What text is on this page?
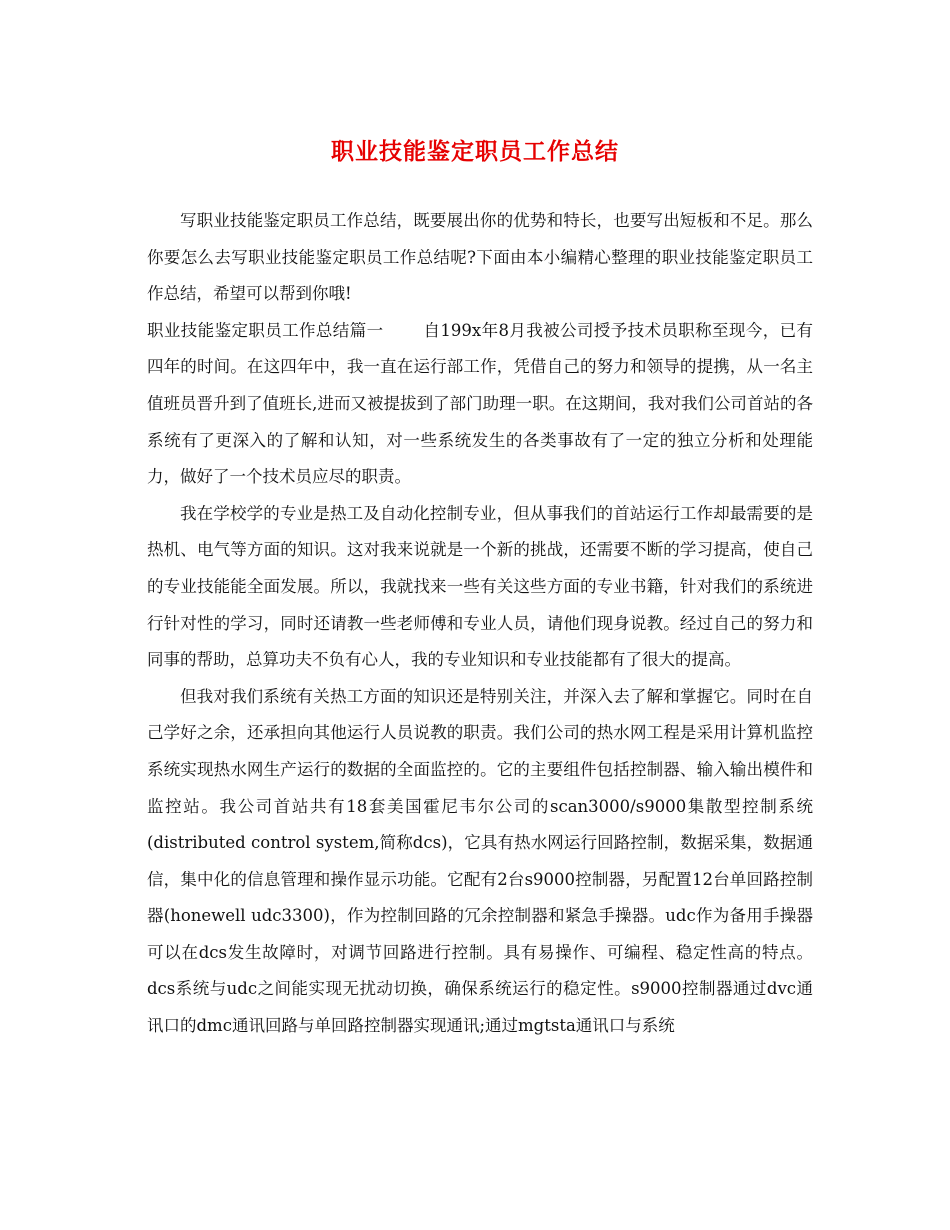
职业技能鉴定职员工作总结

写职业技能鉴定职员工作总结，既要展出你的优势和特长，也要写出短板和不足。那么你要怎么去写职业技能鉴定职员工作总结呢?下面由本小编精心整理的职业技能鉴定职员工作总结，希望可以帮到你哦!

职业技能鉴定职员工作总结篇一 自199x年8月我被公司授予技术员职称至现今，已有四年的时间。在这四年中，我一直在运行部工作，凭借自己的努力和领导的提携，从一名主值班员晋升到了值班长,进而又被提拔到了部门助理一职。在这期间，我对我们公司首站的各系统有了更深入的了解和认知，对一些系统发生的各类事故有了一定的独立分析和处理能力，做好了一个技术员应尽的职责。

我在学校学的专业是热工及自动化控制专业，但从事我们的首站运行工作却最需要的是热机、电气等方面的知识。这对我来说就是一个新的挑战，还需要不断的学习提高，使自己的专业技能能全面发展。所以，我就找来一些有关这些方面的专业书籍，针对我们的系统进行针对性的学习，同时还请教一些老师傅和专业人员，请他们现身说教。经过自己的努力和同事的帮助，总算功夫不负有心人，我的专业知识和专业技能都有了很大的提高。

但我对我们系统有关热工方面的知识还是特别关注，并深入去了解和掌握它。同时在自己学好之余，还承担向其他运行人员说教的职责。我们公司的热水网工程是采用计算机监控系统实现热水网生产运行的数据的全面监控的。它的主要组件包括控制器、输入输出模件和监控站。我公司首站共有18套美国霍尼韦尔公司的scan3000/s9000集散型控制系统(distributed control system,简称dcs)，它具有热水网运行回路控制，数据采集，数据通信，集中化的信息管理和操作显示功能。它配有2台s9000控制器，另配置12台单回路控制器(honewell udc3300)，作为控制回路的冗余控制器和紧急手操器。udc作为备用手操器可以在dcs发生故障时，对调节回路进行控制。具有易操作、可编程、稳定性高的特点。dcs系统与udc之间能实现无扰动切换，确保系统运行的稳定性。s9000控制器通过dvc通讯口的dmc通讯回路与单回路控制器实现通讯;通过mgtsta通讯口与系统
